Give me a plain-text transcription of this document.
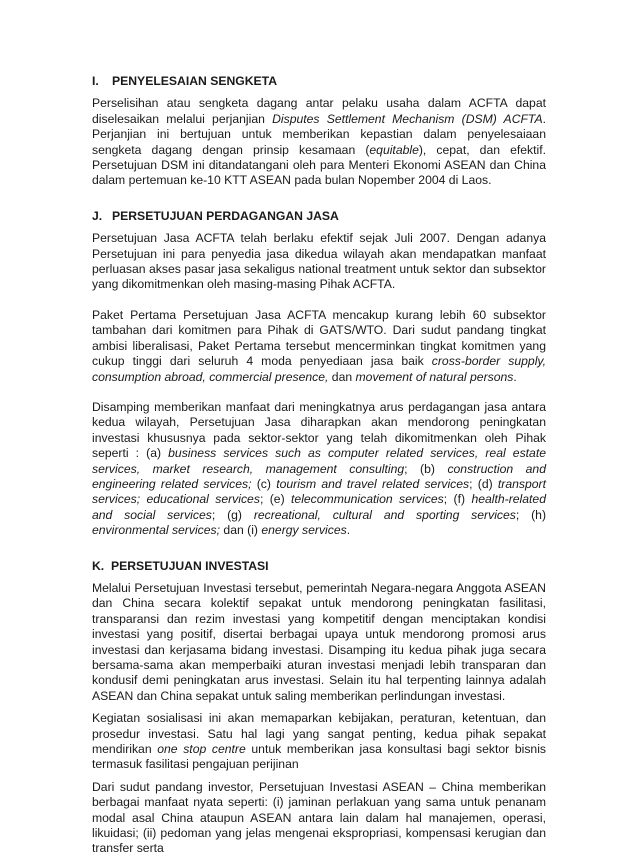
I.	PENYELESAIAN SENGKETA

Perselisihan atau sengketa dagang antar pelaku usaha dalam ACFTA dapat diselesaikan melalui perjanjian Disputes Settlement Mechanism (DSM) ACFTA. Perjanjian ini bertujuan untuk memberikan kepastian dalam penyelesaiaan sengketa dagang dengan prinsip kesamaan (equitable), cepat, dan efektif. Persetujuan DSM ini ditandatangani oleh para Menteri Ekonomi ASEAN dan China dalam pertemuan ke-10 KTT ASEAN pada bulan Nopember 2004 di Laos.

J. PERSETUJUAN PERDAGANGAN JASA

Persetujuan Jasa ACFTA telah berlaku efektif sejak Juli 2007. Dengan adanya Persetujuan ini para penyedia jasa dikedua wilayah akan mendapatkan manfaat perluasan akses pasar jasa sekaligus national treatment untuk sektor dan subsektor yang dikomitmenkan oleh masing-masing Pihak ACFTA.

Paket Pertama Persetujuan Jasa ACFTA mencakup kurang lebih 60 subsektor tambahan dari komitmen para Pihak di GATS/WTO. Dari sudut pandang tingkat ambisi liberalisasi, Paket Pertama tersebut mencerminkan tingkat komitmen yang cukup tinggi dari seluruh 4 moda penyediaan jasa baik cross-border supply, consumption abroad, commercial presence, dan movement of natural persons.

Disamping memberikan manfaat dari meningkatnya arus perdagangan jasa antara kedua wilayah, Persetujuan Jasa diharapkan akan mendorong peningkatan investasi khususnya pada sektor-sektor yang telah dikomitmenkan oleh Pihak seperti : (a) business services such as computer related services, real estate services, market research, management consulting; (b) construction and engineering related services; (c) tourism and travel related services; (d) transport services; educational services; (e) telecommunication services; (f) health-related and social services; (g) recreational, cultural and sporting services; (h) environmental services; dan (i) energy services.

K. PERSETUJUAN INVESTASI

Melalui Persetujuan Investasi tersebut, pemerintah Negara-negara Anggota ASEAN dan China secara kolektif sepakat untuk mendorong peningkatan fasilitasi, transparansi dan rezim investasi yang kompetitif dengan menciptakan kondisi investasi yang positif, disertai berbagai upaya untuk mendorong promosi arus investasi dan kerjasama bidang investasi. Disamping itu kedua pihak juga secara bersama-sama akan memperbaiki aturan investasi menjadi lebih transparan dan kondusif demi peningkatan arus investasi. Selain itu hal terpenting lainnya adalah ASEAN dan China sepakat untuk saling memberikan perlindungan investasi.

Kegiatan sosialisasi ini akan memaparkan kebijakan, peraturan, ketentuan, dan prosedur investasi. Satu hal lagi yang sangat penting, kedua pihak sepakat mendirikan one stop centre untuk memberikan jasa konsultasi bagi sektor bisnis termasuk fasilitasi pengajuan perijinan

Dari sudut pandang investor, Persetujuan Investasi ASEAN – China memberikan berbagai manfaat nyata seperti: (i) jaminan perlakuan yang sama untuk penanam modal asal China ataupun ASEAN antara lain dalam hal manajemen, operasi, likuidasi; (ii) pedoman yang jelas mengenai ekspropriasi, kompensasi kerugian dan transfer serta
